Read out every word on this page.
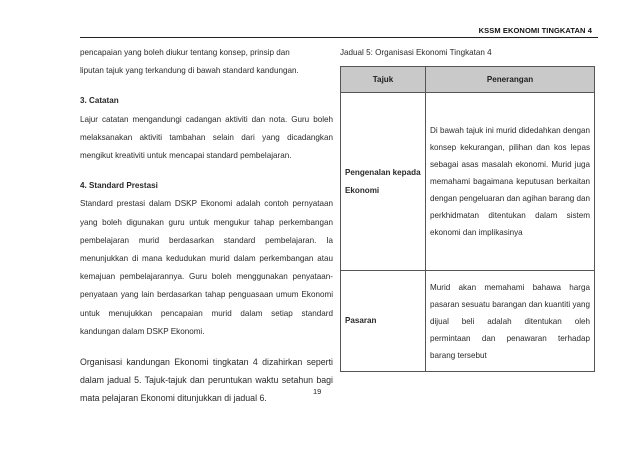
KSSM EKONOMI TINGKATAN 4

pencapaian yang boleh diukur tentang konsep, prinsip dan

liputan tajuk yang terkandung di bawah standard kandungan.

3. Catatan

Lajur catatan mengandungi cadangan aktiviti dan nota. Guru boleh melaksanakan aktiviti tambahan selain dari yang dicadangkan mengikut kreativiti untuk mencapai standard pembelajaran.

4. Standard Prestasi

Standard prestasi dalam DSKP Ekonomi adalah contoh pernyataan yang boleh digunakan guru untuk mengukur tahap perkembangan pembelajaran murid berdasarkan standard pembelajaran. Ia menunjukkan di mana kedudukan murid dalam perkembangan atau kemajuan pembelajarannya. Guru boleh menggunakan penyataan-penyataan yang lain berdasarkan tahap penguasaan umum Ekonomi untuk menujukkan pencapaian murid dalam setiap standard kandungan dalam DSKP Ekonomi.

Organisasi kandungan Ekonomi tingkatan 4 dizahirkan seperti dalam jadual 5. Tajuk-tajuk dan peruntukan waktu setahun bagi mata pelajaran Ekonomi ditunjukkan di jadual 6.

Jadual 5: Organisasi Ekonomi Tingkatan 4

Tajuk	Penerangan
Pengenalan kepada Ekonomi	Di bawah tajuk ini murid didedahkan dengan konsep kekurangan, pilihan dan kos lepas sebagai asas masalah ekonomi. Murid juga memahami bagaimana keputusan berkaitan dengan pengeluaran dan agihan barang dan perkhidmatan ditentukan dalam sistem ekonomi dan implikasinya
Pasaran	Murid akan memahami bahawa harga pasaran sesuatu barangan dan kuantiti yang dijual beli adalah ditentukan oleh permintaan dan penawaran terhadap barang tersebut
19
